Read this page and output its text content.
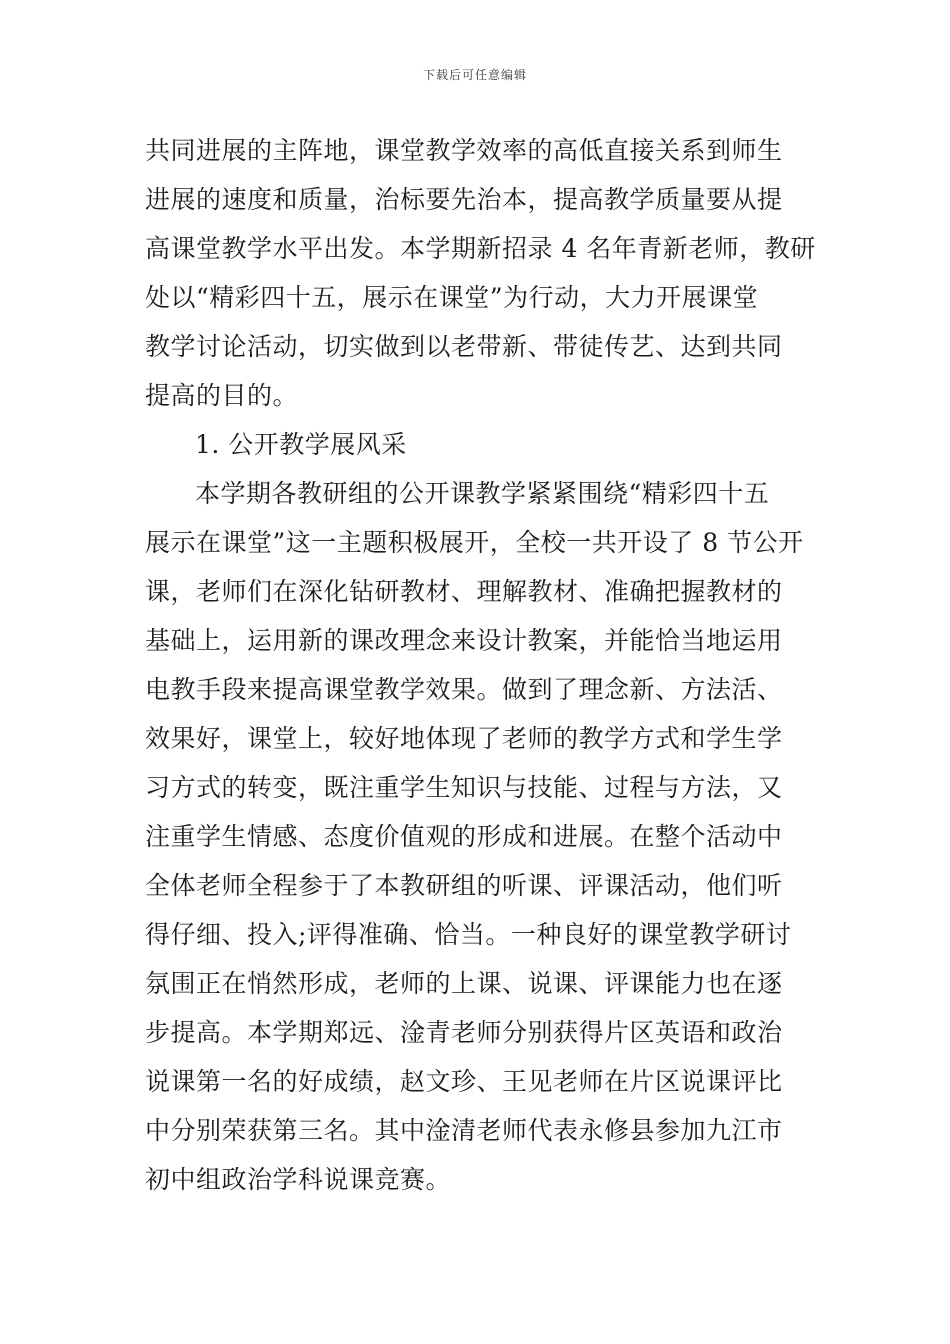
下载后可任意编辑
共同进展的主阵地，课堂教学效率的高低直接关系到师生
进展的速度和质量，治标要先治本，提高教学质量要从提
高课堂教学水平出发。本学期新招录 4 名年青新老师，教研
处以“精彩四十五，展示在课堂”为行动，大力开展课堂
教学讨论活动，切实做到以老带新、带徒传艺、达到共同
提高的目的。
1. 公开教学展风采
本学期各教研组的公开课教学紧紧围绕“精彩四十五
展示在课堂”这一主题积极展开，全校一共开设了 8 节公开
课，老师们在深化钻研教材、理解教材、准确把握教材的
基础上，运用新的课改理念来设计教案，并能恰当地运用
电教手段来提高课堂教学效果。做到了理念新、方法活、
效果好，课堂上，较好地体现了老师的教学方式和学生学
习方式的转变，既注重学生知识与技能、过程与方法，又
注重学生情感、态度价值观的形成和进展。在整个活动中
全体老师全程参于了本教研组的听课、评课活动，他们听
得仔细、投入;评得准确、恰当。一种良好的课堂教学研讨
氛围正在悄然形成，老师的上课、说课、评课能力也在逐
步提高。本学期郑远、淦青老师分别获得片区英语和政治
说课第一名的好成绩，赵文珍、王见老师在片区说课评比
中分别荣获第三名。其中淦清老师代表永修县参加九江市
初中组政治学科说课竞赛。
